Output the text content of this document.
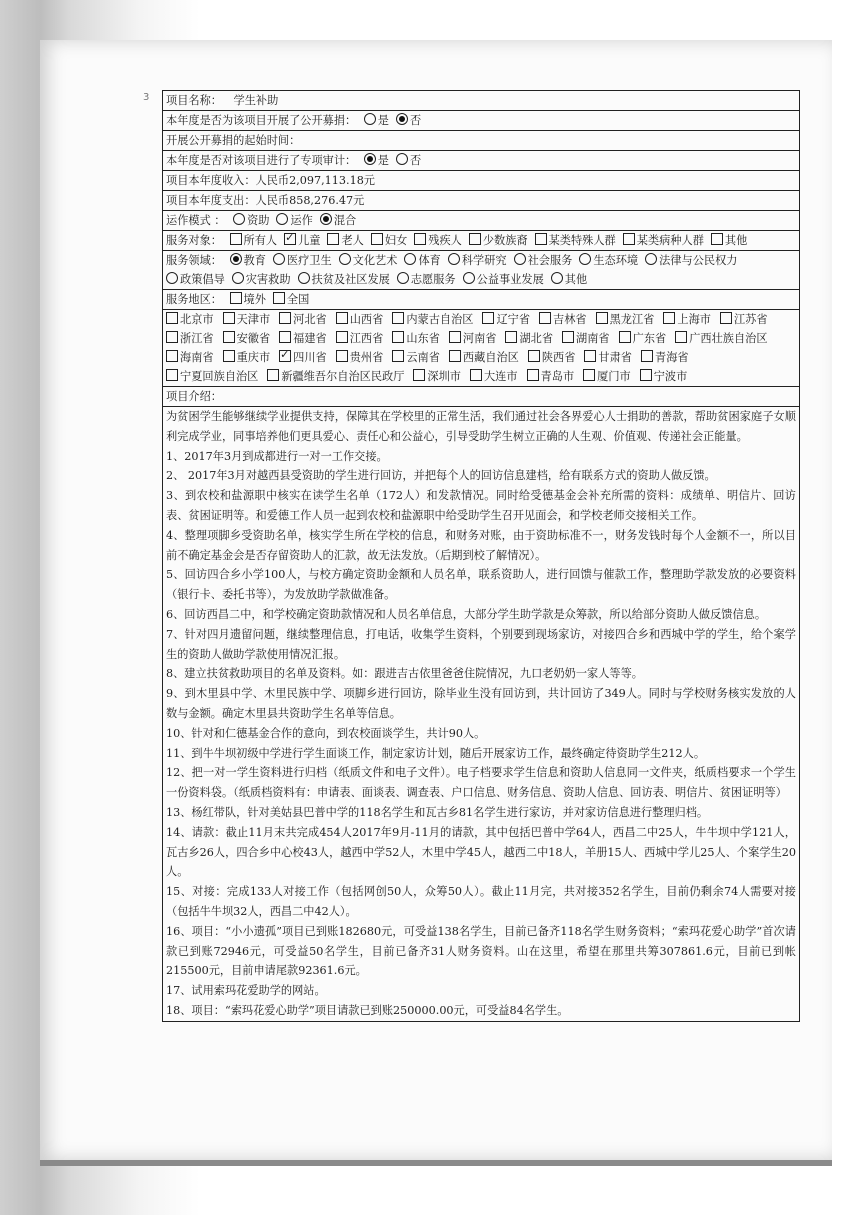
3 项目名称： 学生补助
本年度是否为该项目开展了公开募捐： 是 否
开展公开募捐的起始时间：
本年度是否对该项目进行了专项审计： 是 否
项目本年度收入：人民币2,097,113.18元
项目本年度支出：人民币858,276.47元
运作模式 ： 资助 运作 混合
服务对象： 所有人 ✓ 儿童 老人 妇女 残疾人 少数族裔 某类特殊人群 某类病种人群 其他
服务领域： 教育 医疗卫生 文化艺术 体育 科学研究 社会服务 生态环境 法律与公民权力政策倡导 灾害救助 扶贫及社区发展 志愿服务 公益事业发展 其他
服务地区： 境外 全国
北京市 天津市 河北省 山西省 内蒙古自治区 辽宁省 吉林省 黑龙江省 上海市 江苏省浙江省 安徽省 福建省 江西省 山东省 河南省 湖北省 湖南省 广东省 广西壮族自治区海南省 重庆市 ✓ 四川省 贵州省 云南省 西藏自治区 陕西省 甘肃省 青海省宁夏回族自治区 新疆维吾尔自治区民政厅 深圳市 大连市 青岛市 厦门市 宁波市
项目介绍：

为贫困学生能够继续学业提供支持，保障其在学校里的正常生活，我们通过社会各界爱心人士捐助的善款，帮助贫困家庭子女顺利完成学业，同事培养他们更具爱心、责任心和公益心，引导受助学生树立正确的人生观、价值观、传递社会正能量。

1、2017年3月到成都进行一对一工作交接。

2、 2017年3月对越西县受资助的学生进行回访，并把每个人的回访信息建档，给有联系方式的资助人做反馈。

3、到农校和盐源职中核实在读学生名单（172人）和发款情况。同时给受德基金会补充所需的资料：成绩单、明信片、回访表、贫困证明等。和爱德工作人员一起到农校和盐源职中给受助学生召开见面会，和学校老师交接相关工作。

4、整理项脚乡受资助名单，核实学生所在学校的信息，和财务对账，由于资助标准不一，财务发钱时每个人金额不一，所以目前不确定基金会是否存留资助人的汇款，故无法发放。（后期到校了解情况）。

5、回访四合乡小学100人，与校方确定资助金额和人员名单，联系资助人，进行回馈与催款工作，整理助学款发放的必要资料（银行卡、委托书等），为发放助学款做准备。

6、回访西昌二中，和学校确定资助款情况和人员名单信息，大部分学生助学款是众筹款，所以给部分资助人做反馈信息。

7、针对四月遗留问题，继续整理信息，打电话，收集学生资料，个别要到现场家访，对接四合乡和西城中学的学生，给个案学生的资助人做助学款使用情况汇报。

8、建立扶贫救助项目的名单及资料。如：跟进吉古依里爸爸住院情况，九口老奶奶一家人等等。

9、到木里县中学、木里民族中学、项脚乡进行回访，除毕业生没有回访到，共计回访了349人。同时与学校财务核实发放的人数与金额。确定木里县共资助学生名单等信息。

10、针对和仁德基金合作的意向，到农校面谈学生，共计90人。

11、到牛牛坝初级中学进行学生面谈工作，制定家访计划，随后开展家访工作，最终确定待资助学生212人。

12、把一对一学生资料进行归档（纸质文件和电子文件）。电子档要求学生信息和资助人信息同一文件夹，纸质档要求一个学生一份资料袋。（纸质档资料有：申请表、面谈表、调查表、户口信息、财务信息、资助人信息、回访表、明信片、贫困证明等）

13、杨红带队，针对美姑县巴普中学的118名学生和瓦古乡81名学生进行家访，并对家访信息进行整理归档。

14、请款：截止11月末共完成454人2017年9月-11月的请款，其中包括巴普中学64人，西昌二中25人，牛牛坝中学121人，瓦古乡26人，四合乡中心校43人，越西中学52人，木里中学45人，越西二中18人，羊册15人、西城中学儿25人、个案学生20人。

15、对接：完成133人对接工作（包括网创50人，众筹50人）。截止11月完，共对接352名学生，目前仍剩余74人需要对接（包括牛牛坝32人，西昌二中42人）。

16、项目：“小小遗孤”项目已到账182680元，可受益138名学生，目前已备齐118名学生财务资料；“索玛花爱心助学”首次请款已到账72946元，可受益50名学生，目前已备齐31人财务资料。山在这里，希望在那里共筹307861.6元，目前已到帐215500元，目前申请尾款92361.6元。

17、试用索玛花爱助学的网站。

18、项目：“索玛花爱心助学”项目请款已到账250000.00元，可受益84名学生。
